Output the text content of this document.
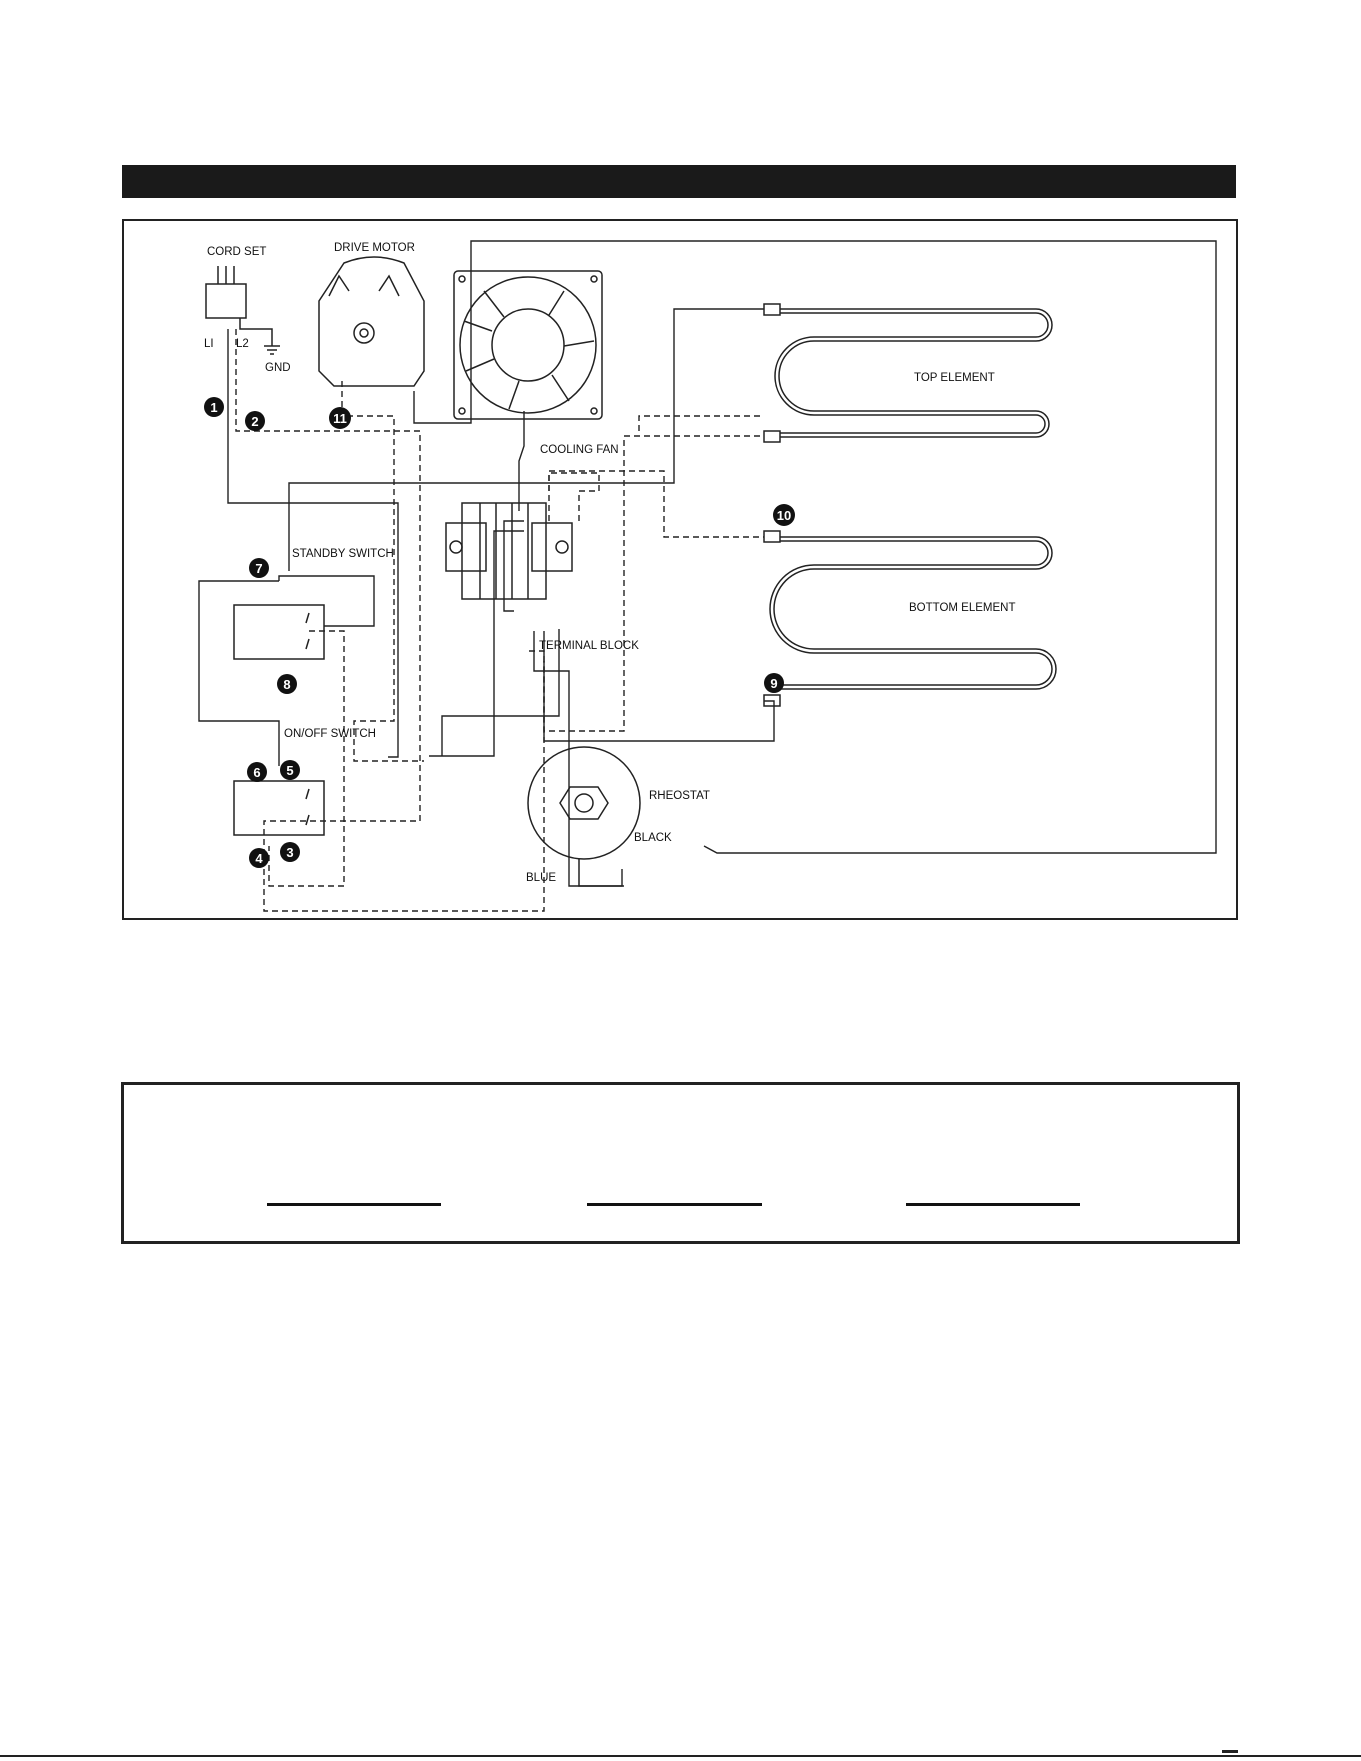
CORD SET
LI L2
GND
DRIVE MOTOR
COOLING FAN
TOP ELEMENT
BOTTOM ELEMENT
STANDBY SWITCH
ON/OFF SWITCH
TERMINAL BLOCK
RHEOSTAT
BLUE
BLACK
1
2
3
4
5
6
7
8	9
10
11
